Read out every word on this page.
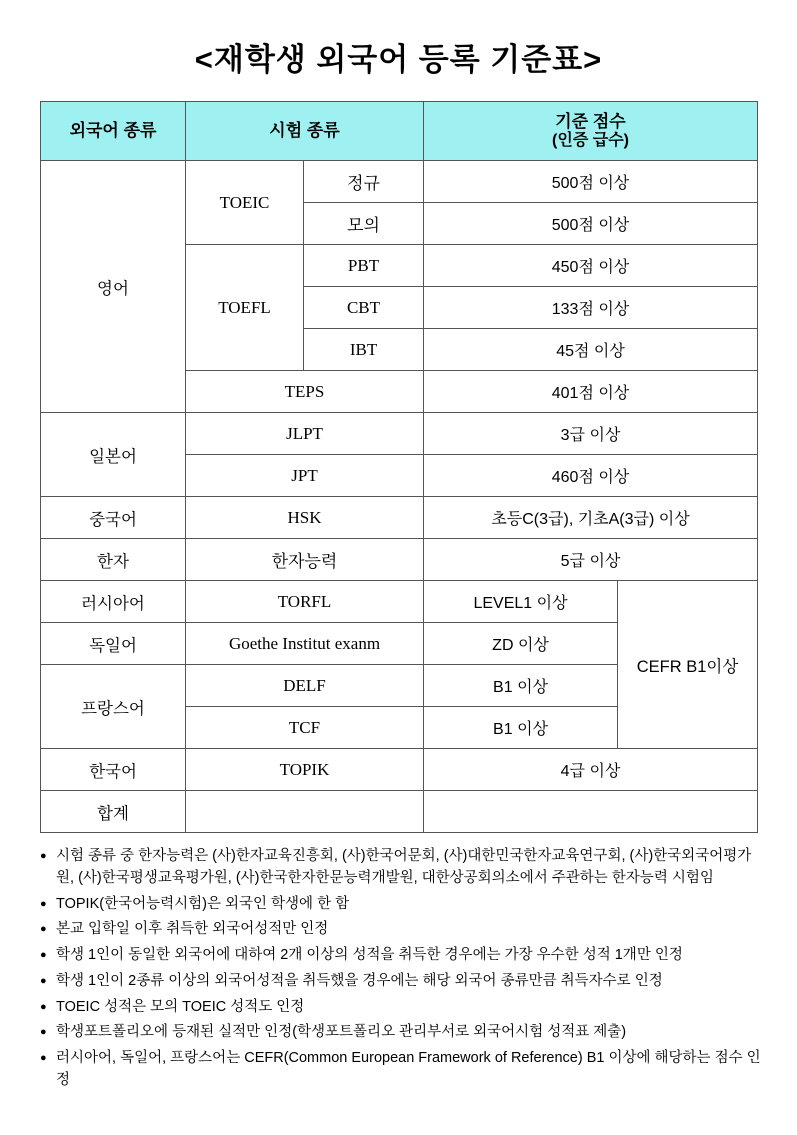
<재학생 외국어 등록 기준표>
외국어 종류	시험 종류		기준 점수
(인증 급수)	

영어	TOEIC	정규	500점 이상	
		모의	500점 이상	
	TOEFL	PBT	450점 이상	
		CBT	133점 이상	
		IBT	45점 이상	
	TEPS		401점 이상	
일본어	JLPT		3급 이상	
	JPT		460점 이상	
중국어	HSK		초등C(3급), 기초A(3급) 이상	
한자	한자능력		5급 이상	
러시아어	TORFL		LEVEL1 이상	CEFR B1이상
독일어	Goethe Institut exanm		ZD 이상	
프랑스어	DELF		B1 이상	
	TCF		B1 이상	
한국어	TOPIK		4급 이상	
합계				
● 시험 종류 중 한자능력은 (사)한자교육진흥회, (사)한국어문회, (사)대한민국한자교육연구회, (사)한국외국어평가원, (사)한국평생교육평가원, (사)한국한자한문능력개발원, 대한상공회의소에서 주관하는 한자능력 시험임
● TOPIK(한국어능력시험)은 외국인 학생에 한 함
● 본교 입학일 이후 취득한 외국어성적만 인정
● 학생 1인이 동일한 외국어에 대하여 2개 이상의 성적을 취득한 경우에는 가장 우수한 성적 1개만 인정
● 학생 1인이 2종류 이상의 외국어성적을 취득했을 경우에는 해당 외국어 종류만큼 취득자수로 인정
● TOEIC 성적은 모의 TOEIC 성적도 인정
● 학생포트폴리오에 등재된 실적만 인정(학생포트폴리오 관리부서로 외국어시험 성적표 제출)
● 러시아어, 독일어, 프랑스어는 CEFR(Common European Framework of Reference) B1 이상에 해당하는 점수 인정
